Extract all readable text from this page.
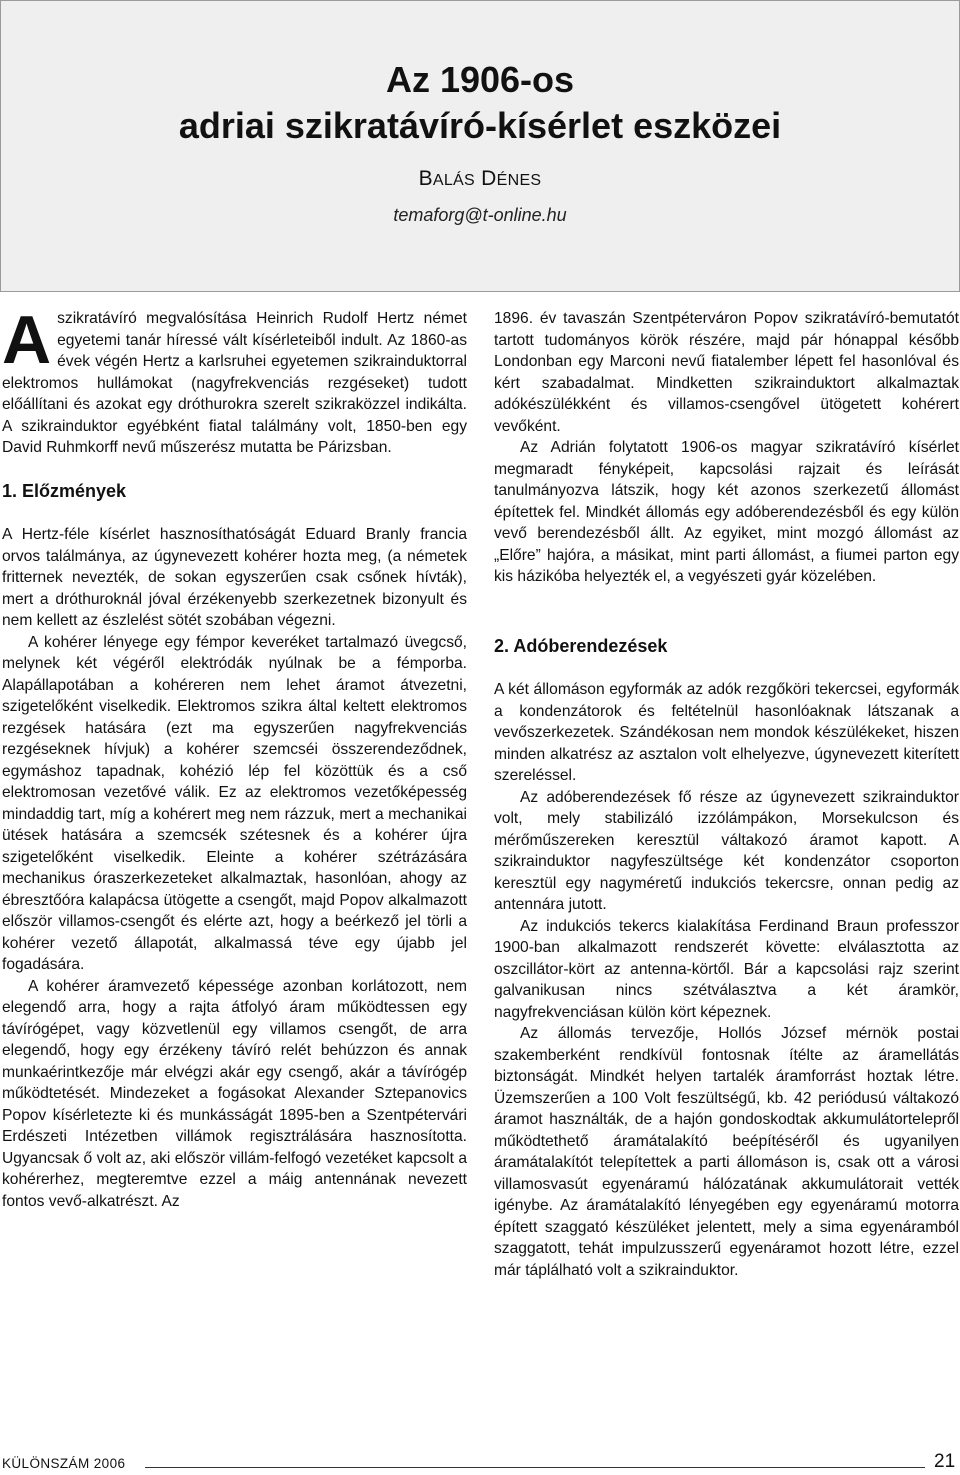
Az 1906-os
adriai szikratávíró-kísérlet eszközei
BALÁS DÉNES
temaforg@t-online.hu

A szikratávíró megvalósítása Heinrich Rudolf Hertz német egyetemi tanár híressé vált kísérleteiből indult. Az 1860-as évek végén Hertz a karlsruhei egyetemen szikrainduktorral elektromos hullámokat (nagyfrekvenciás rezgéseket) tudott előállítani és azokat egy dróthurokra szerelt szikraközzel indikálta. A szikrainduktor egyébként fiatal találmány volt, 1850-ben egy David Ruhmkorff nevű műszerész mutatta be Párizsban.

1. Előzmények

A Hertz-féle kísérlet hasznosíthatóságát Eduard Branly francia orvos találmánya, az úgynevezett kohérer hozta meg, (a németek fritternek nevezték, de sokan egyszerűen csak csőnek hívták), mert a dróthuroknál jóval érzékenyebb szerkezetnek bizonyult és nem kellett az észlelést sötét szobában végezni.

A kohérer lényege egy fémpor keveréket tartalmazó üvegcső, melynek két végéről elektródák nyúlnak be a fémporba. Alapállapotában a kohéreren nem lehet áramot átvezetni, szigetelőként viselkedik. Elektromos szikra által keltett elektromos rezgések hatására (ezt ma egyszerűen nagyfrekvenciás rezgéseknek hívjuk) a kohérer szemcséi összerendeződnek, egymáshoz tapadnak, kohézió lép fel közöttük és a cső elektromosan vezetővé válik. Ez az elektromos vezetőképesség mindaddig tart, míg a kohérert meg nem rázzuk, mert a mechanikai ütések hatására a szemcsék szétesnek és a kohérer újra szigetelőként viselkedik. Eleinte a kohérer szétrázására mechanikus óraszerkezeteket alkalmaztak, hasonlóan, ahogy az ébresztőóra kalapácsa ütögette a csengőt, majd Popov alkalmazott először villamos-csengőt és elérte azt, hogy a beérkező jel törli a kohérer vezető állapotát, alkalmassá téve egy újabb jel fogadására.

A kohérer áramvezető képessége azonban korlátozott, nem elegendő arra, hogy a rajta átfolyó áram működtessen egy távírógépet, vagy közvetlenül egy villamos csengőt, de arra elegendő, hogy egy érzékeny távíró relét behúzzon és annak munkaérintkezője már elvégzi akár egy csengő, akár a távírógép működtetését. Mindezeket a fogásokat Alexander Sztepanovics Popov kísérletezte ki és munkásságát 1895-ben a Szentpétervári Erdészeti Intézetben villámok regisztrálására hasznosította. Ugyancsak ő volt az, aki először villám-felfogó vezetéket kapcsolt a kohérerhez, megteremtve ezzel a máig antennának nevezett fontos vevő-alkatrészt. Az

1896. év tavaszán Szentpéterváron Popov szikratávíró-bemutatót tartott tudományos körök részére, majd pár hónappal később Londonban egy Marconi nevű fiatalember lépett fel hasonlóval és kért szabadalmat. Mindketten szikrainduktort alkalmaztak adókészülékként és villamos-csengővel ütögetett kohérert vevőként.

Az Adrián folytatott 1906-os magyar szikratávíró kísérlet megmaradt fényképeit, kapcsolási rajzait és leírását tanulmányozva látszik, hogy két azonos szerkezetű állomást építettek fel. Mindkét állomás egy adóberendezésből és egy külön vevő berendezésből állt. Az egyiket, mint mozgó állomást az „Előre” hajóra, a másikat, mint parti állomást, a fiumei parton egy kis házikóba helyezték el, a vegyészeti gyár közelében.

2. Adóberendezések

A két állomáson egyformák az adók rezgőköri tekercsei, egyformák a kondenzátorok és feltételnül hasonlóaknak látszanak a vevőszerkezetek. Szándékosan nem mondok készülékeket, hiszen minden alkatrész az asztalon volt elhelyezve, úgynevezett kiterített szereléssel.

Az adóberendezések fő része az úgynevezett szikrainduktor volt, mely stabilizáló izzólámpákon, Morsekulcson és mérőműszereken keresztül váltakozó áramot kapott. A szikrainduktor nagyfeszültsége két kondenzátor csoporton keresztül egy nagyméretű indukciós tekercsre, onnan pedig az antennára jutott.

Az indukciós tekercs kialakítása Ferdinand Braun professzor 1900-ban alkalmazott rendszerét követte: elválasztotta az oszcillátor-kört az antenna-körtől. Bár a kapcsolási rajz szerint galvanikusan nincs szétválasztva a két áramkör, nagyfrekvenciásan külön kört képeznek.

Az állomás tervezője, Hollós József mérnök postai szakemberként rendkívül fontosnak ítélte az áramellátás biztonságát. Mindkét helyen tartalék áramforrást hoztak létre. Üzemszerűen a 100 Volt feszültségű, kb. 42 periódusú váltakozó áramot használták, de a hajón gondoskodtak akkumulátortelepről működtethető áramátalakító beépítéséről és ugyanilyen áramátalakítót telepítettek a parti állomáson is, csak ott a városi villamosvasút egyenáramú hálózatának akkumulátorait vették igénybe. Az áramátalakító lényegében egy egyenáramú motorra épített szaggató készüléket jelentett, mely a sima egyenáramból szaggatott, tehát impulzusszerű egyenáramot hozott létre, ezzel már táplálható volt a szikrainduktor.

KÜLÖNSZÁM 2006	21
